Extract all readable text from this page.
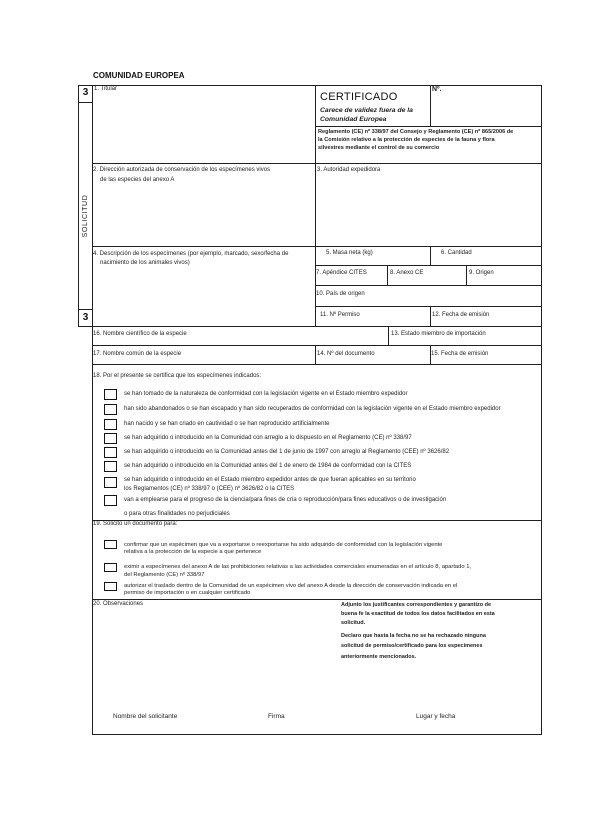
COMUNIDAD EUROPEA
3
SOLICITUD
3
1. Titular
CERTIFICADO
Carece de validez fuera de la
Comunidad Europea
Nº.
Reglamento (CE) nº 338/97 del Consejo y Reglamento (CE) nº 865/2006 de
la Comisión relativo a la protección de especies de la fauna y flora
silvestres mediante el control de su comercio
2. Dirección autorizada de conservación de los especímenes vivos
de las especies del anexo A
3. Autoridad expedidora
4. Descripción de los especímenes (por ejemplo, marcado, sexo/fecha de
nacimiento de los animales vivos)
5. Masa neta (kg)	6. Cantidad
7. Apéndice CITES	8. Anexo CE	9. Origen
10. País de origen
11. Nº Permiso	12. Fecha de emisión
16. Nombre científico de la especie	13. Estado miembro de importación
17. Nombre común de la especie	14. Nº del documento	15. Fecha de emisión
18. Por el presente se certifica que los especímenes indicados:
se han tomado de la naturaleza de conformidad con la legislación vigente en el Estado miembro expedidor
han sido abandonados o se han escapado y han sido recuperados de conformidad con la legislación vigente en el Estado miembro expedidor
han nacido y se han criado en cautividad o se han reproducido artificialmente
se han adquirido o introducido en la Comunidad con arreglo a lo dispuesto en el Reglamento (CE) nº 338/97
se han adquirido o introducido en la Comunidad antes del 1 de junio de 1997 con arreglo al Reglamento (CEE) nº 3626/82
se han adquirido o introducido en la Comunidad antes del 1 de enero de 1984 de conformidad con la CITES
se han adquirido o introducido en el Estado miembro expedidor antes de que fueran aplicables en su territorio
los Reglamentos (CE) nº 338/97 o (CEE) nº 3626/82 o la CITES
van a emplearse para el progreso de la ciencia/para fines de cría o reproducción/para fines educativos o de investigación
o para otras finalidades no perjudiciales
19. Solicito un documento para:
confirmar que un espécimen que va a exportarse o reexportarse ha sido adquirido de conformidad con la legislación vigente
relativa a la protección de la especie a que pertenece
eximir a especímenes del anexo A de las prohibiciones relativas a las actividades comerciales enumeradas en el artículo 8, apartado 1,
del Reglamento (CE) nº 338/97
autorizar el traslado dentro de la Comunidad de un espécimen vivo del anexo A desde la dirección de conservación indicada en el
permiso de importación o en cualquier certificado
20. Observaciones	Adjunto los justificantes correspondientes y garantizo de
buena fe la exactitud de todos los datos facilitados en esta
solicitud.
Declaro que hasta la fecha no se ha rechazado ninguna
solicitud de permiso/certificado para los especímenes
anteriormente mencionados.
Nombre del solicitante	Firma	Lugar y fecha
